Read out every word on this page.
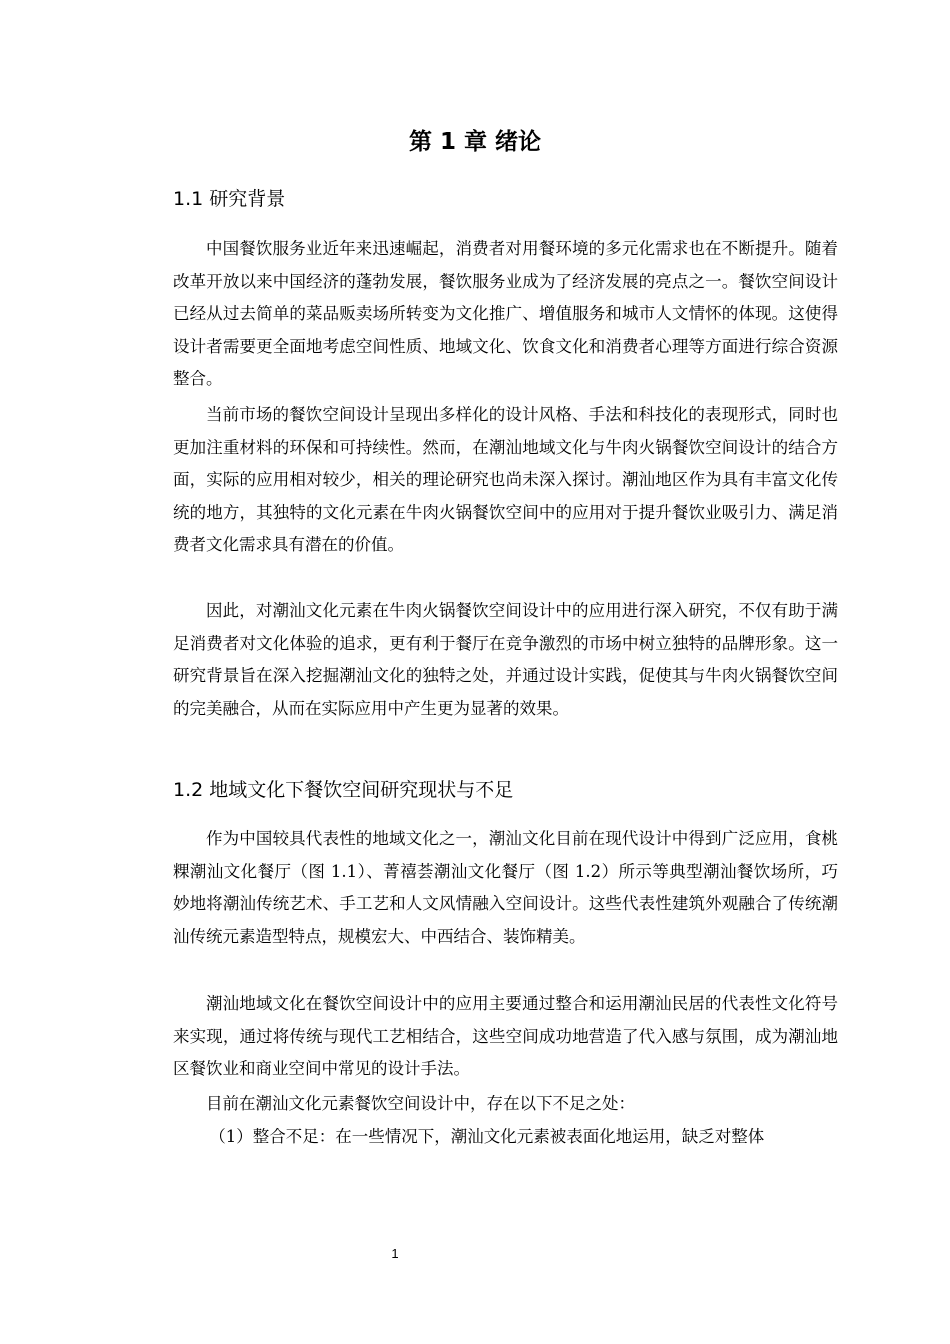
第 1 章 绪论
1.1 研究背景

中国餐饮服务业近年来迅速崛起，消费者对用餐环境的多元化需求也在不断提升。随着改革开放以来中国经济的蓬勃发展，餐饮服务业成为了经济发展的亮点之一。餐饮空间设计已经从过去简单的菜品贩卖场所转变为文化推广、增值服务和城市人文情怀的体现。这使得设计者需要更全面地考虑空间性质、地域文化、饮食文化和消费者心理等方面进行综合资源整合。

当前市场的餐饮空间设计呈现出多样化的设计风格、手法和科技化的表现形式，同时也更加注重材料的环保和可持续性。然而，在潮汕地域文化与牛肉火锅餐饮空间设计的结合方面，实际的应用相对较少，相关的理论研究也尚未深入探讨。潮汕地区作为具有丰富文化传统的地方，其独特的文化元素在牛肉火锅餐饮空间中的应用对于提升餐饮业吸引力、满足消费者文化需求具有潜在的价值。

因此，对潮汕文化元素在牛肉火锅餐饮空间设计中的应用进行深入研究，不仅有助于满足消费者对文化体验的追求，更有利于餐厅在竞争激烈的市场中树立独特的品牌形象。这一研究背景旨在深入挖掘潮汕文化的独特之处，并通过设计实践，促使其与牛肉火锅餐饮空间的完美融合，从而在实际应用中产生更为显著的效果。

1.2 地域文化下餐饮空间研究现状与不足

作为中国较具代表性的地域文化之一，潮汕文化目前在现代设计中得到广泛应用，食桃粿潮汕文化餐厅（图 1.1）、菁禧荟潮汕文化餐厅（图 1.2）所示等典型潮汕餐饮场所，巧妙地将潮汕传统艺术、手工艺和人文风情融入空间设计。这些代表性建筑外观融合了传统潮汕传统元素造型特点，规模宏大、中西结合、装饰精美。

潮汕地域文化在餐饮空间设计中的应用主要通过整合和运用潮汕民居的代表性文化符号来实现，通过将传统与现代工艺相结合，这些空间成功地营造了代入感与氛围，成为潮汕地区餐饮业和商业空间中常见的设计手法。

目前在潮汕文化元素餐饮空间设计中，存在以下不足之处：

（1）整合不足：在一些情况下，潮汕文化元素被表面化地运用，缺乏对整体

1
